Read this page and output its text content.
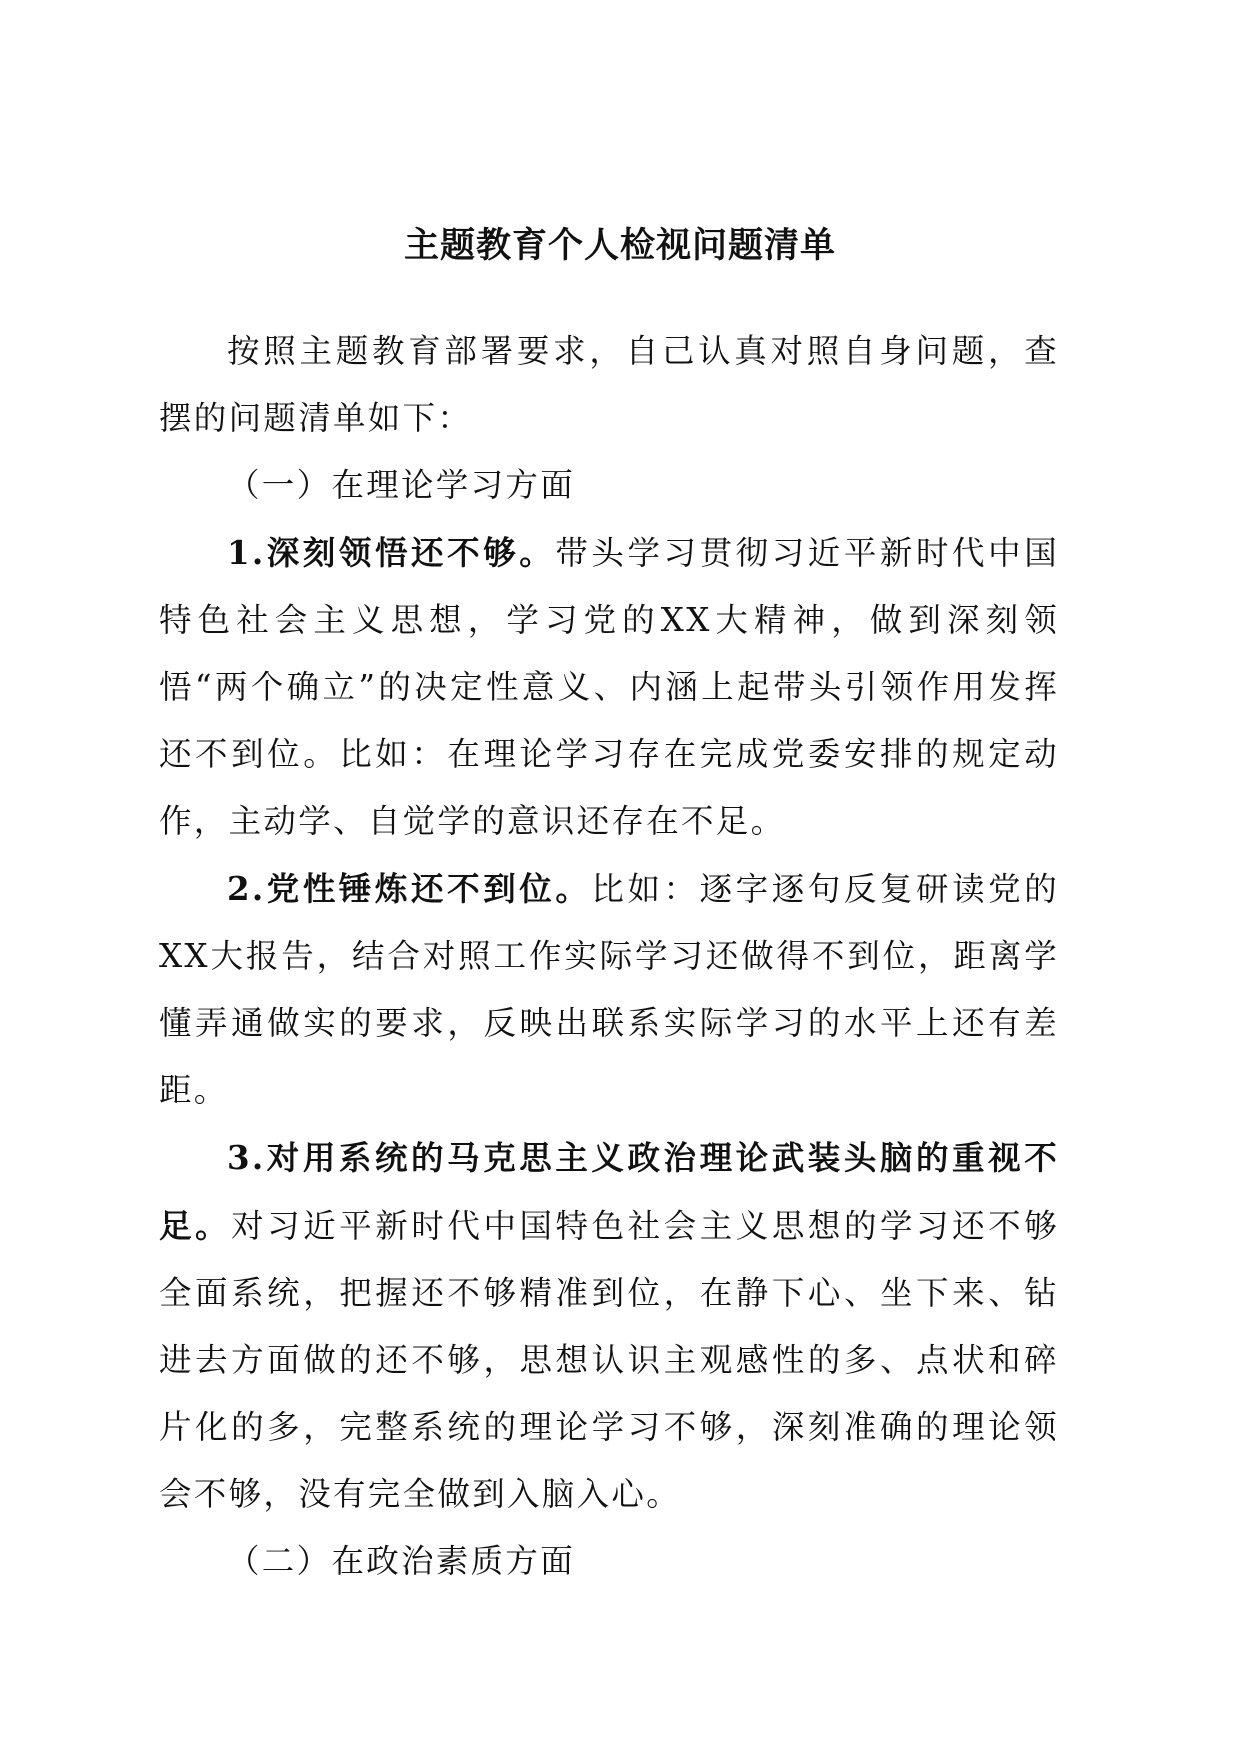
主题教育个人检视问题清单

按照主题教育部署要求，自己认真对照自身问题，查摆的问题清单如下：

（一）在理论学习方面

1.深刻领悟还不够。带头学习贯彻习近平新时代中国特色社会主义思想，学习党的XX大精神，做到深刻领悟“两个确立”的决定性意义、内涵上起带头引领作用发挥还不到位。比如：在理论学习存在完成党委安排的规定动作，主动学、自觉学的意识还存在不足。

2.党性锤炼还不到位。比如：逐字逐句反复研读党的XX大报告，结合对照工作实际学习还做得不到位，距离学懂弄通做实的要求，反映出联系实际学习的水平上还有差距。

3.对用系统的马克思主义政治理论武装头脑的重视不足。对习近平新时代中国特色社会主义思想的学习还不够全面系统，把握还不够精准到位，在静下心、坐下来、钻进去方面做的还不够，思想认识主观感性的多、点状和碎片化的多，完整系统的理论学习不够，深刻准确的理论领会不够，没有完全做到入脑入心。

（二）在政治素质方面
